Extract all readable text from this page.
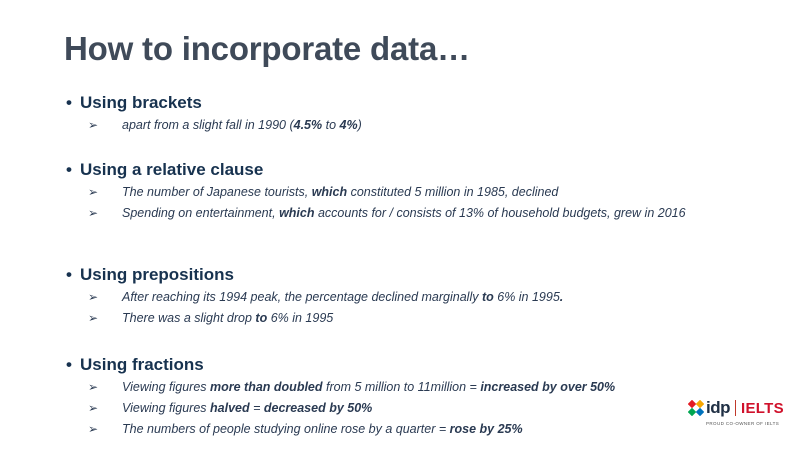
How to incorporate data…
• Using brackets
➢ apart from a slight fall in 1990 (4.5% to 4%)
• Using a relative clause
➢ The number of Japanese tourists, which constituted 5 million in 1985, declined
➢ Spending on entertainment, which accounts for / consists of 13% of household budgets, grew in 2016
• Using prepositions
➢ After reaching its 1994 peak, the percentage declined marginally to 6% in 1995.
➢ There was a slight drop to 6% in 1995
• Using fractions
➢ Viewing figures more than doubled from 5 million to 11million = increased by over 50%
➢ Viewing figures halved = decreased by 50%
➢ The numbers of people studying online rose by a quarter = rose by 25%
idp IELTS
PROUD CO-OWNER OF IELTS
